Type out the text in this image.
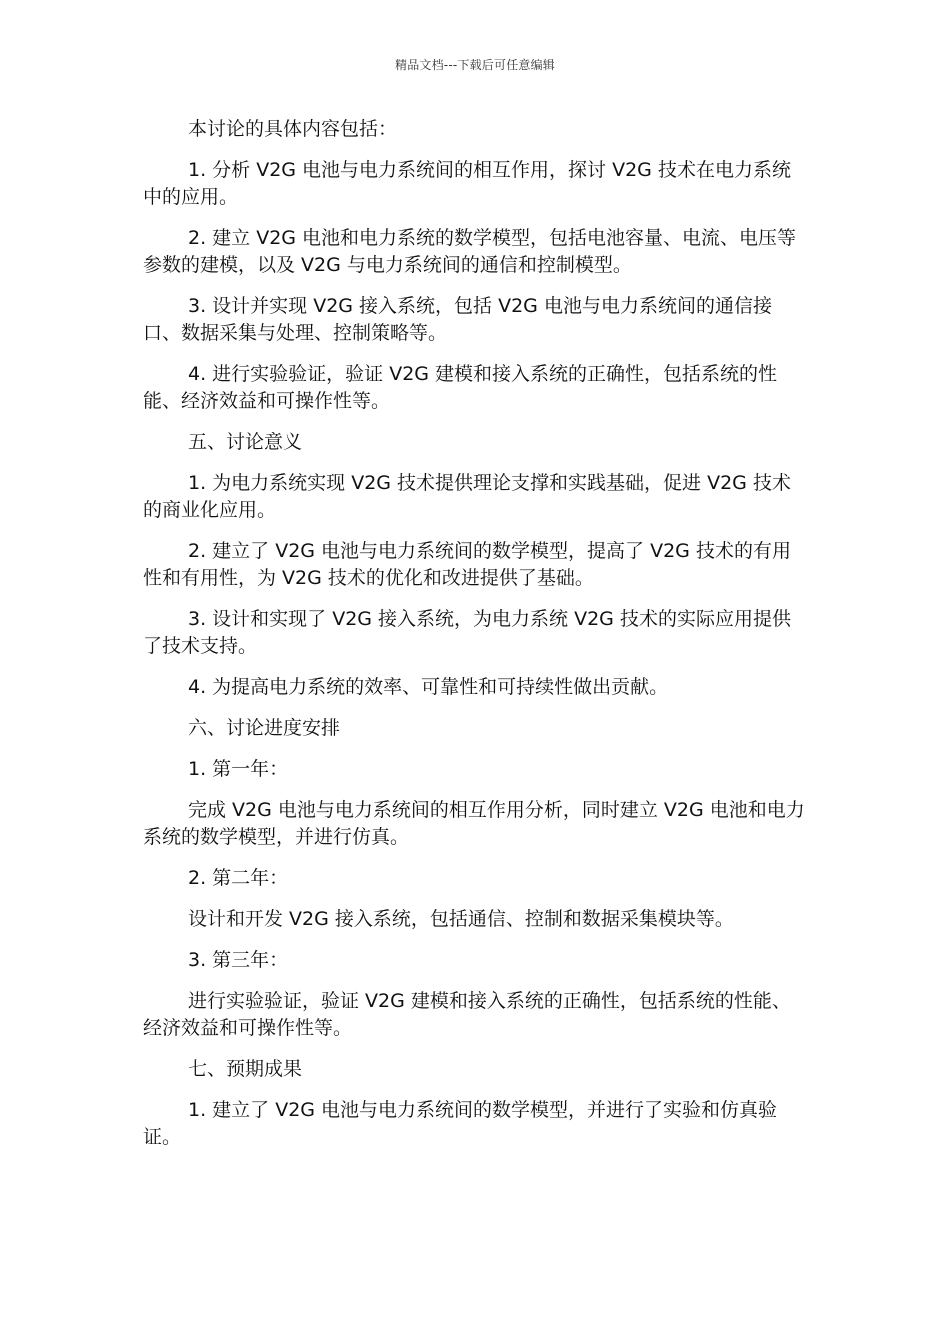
精品文档---下载后可任意编辑

本讨论的具体内容包括：

1. 分析 V2G 电池与电力系统间的相互作用，探讨 V2G 技术在电力系统中的应用。

2. 建立 V2G 电池和电力系统的数学模型，包括电池容量、电流、电压等参数的建模，以及 V2G 与电力系统间的通信和控制模型。

3. 设计并实现 V2G 接入系统，包括 V2G 电池与电力系统间的通信接口、数据采集与处理、控制策略等。

4. 进行实验验证，验证 V2G 建模和接入系统的正确性，包括系统的性能、经济效益和可操作性等。

五、讨论意义

1. 为电力系统实现 V2G 技术提供理论支撑和实践基础，促进 V2G 技术的商业化应用。

2. 建立了 V2G 电池与电力系统间的数学模型，提高了 V2G 技术的有用性和有用性，为 V2G 技术的优化和改进提供了基础。

3. 设计和实现了 V2G 接入系统，为电力系统 V2G 技术的实际应用提供了技术支持。

4. 为提高电力系统的效率、可靠性和可持续性做出贡献。

六、讨论进度安排

1. 第一年：

完成 V2G 电池与电力系统间的相互作用分析，同时建立 V2G 电池和电力系统的数学模型，并进行仿真。

2. 第二年：

设计和开发 V2G 接入系统，包括通信、控制和数据采集模块等。

3. 第三年：

进行实验验证，验证 V2G 建模和接入系统的正确性，包括系统的性能、经济效益和可操作性等。

七、预期成果

1. 建立了 V2G 电池与电力系统间的数学模型，并进行了实验和仿真验证。
